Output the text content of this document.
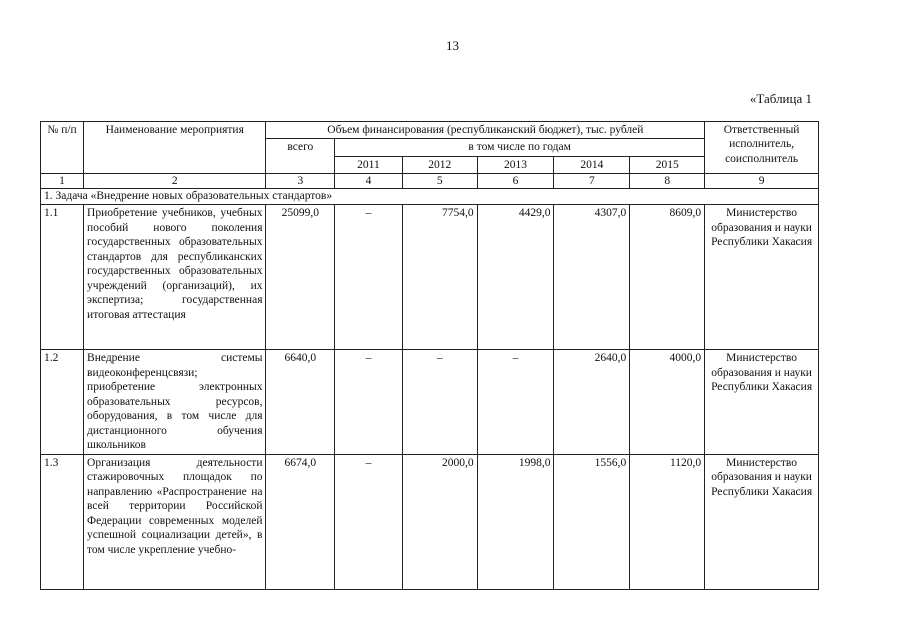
13
«Таблица 1
№ п/п	Наименование мероприятия	Объем финансирования (республиканский бюджет), тыс. рублей						Ответственный исполнитель, соисполнитель
		всего	в том числе по годам					
			2011	2012	2013	2014	2015	
1	2	3	4	5	6	7	8	9
1. Задача «Внедрение новых образовательных стандартов»								
1.1	Приобретение учебников, учебных пособий нового поколения государственных образовательных стандартов для республиканских государственных образовательных учреждений (организаций), их экспертиза; государственная итоговая аттестация	25099,0	–	7754,0	4429,0	4307,0	8609,0	Министерство образования и науки Республики Хакасия
1.2	Внедрение системы видеоконференцсвязи; приобретение электронных образовательных ресурсов, оборудования, в том числе для дистанционного обучения школьников	6640,0	–	–	–	2640,0	4000,0	Министерство образования и науки Республики Хакасия
1.3	Организация деятельности стажировочных площадок по направлению «Распространение на всей территории Российской Федерации современных моделей успешной социализации детей», в том числе укрепление учебно-	6674,0	–	2000,0	1998,0	1556,0	1120,0	Министерство образования и науки Республики Хакасия
